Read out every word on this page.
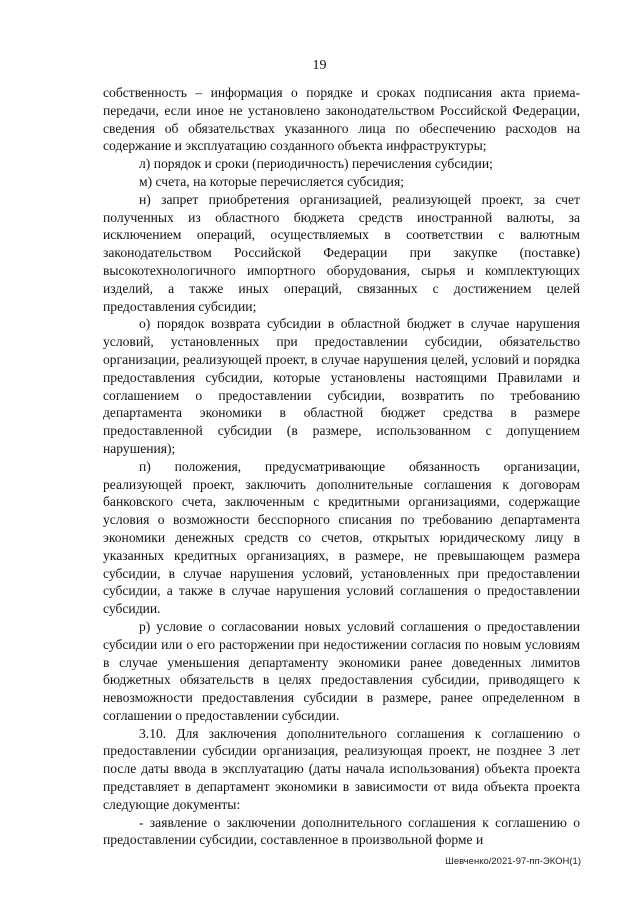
19

собственность – информация о порядке и сроках подписания акта приема-передачи, если иное не установлено законодательством Российской Федерации, сведения об обязательствах указанного лица по обеспечению расходов на содержание и эксплуатацию созданного объекта инфраструктуры;

л) порядок и сроки (периодичность) перечисления субсидии;

м) счета, на которые перечисляется субсидия;

н) запрет приобретения организацией, реализующей проект, за счет полученных из областного бюджета средств иностранной валюты, за исключением операций, осуществляемых в соответствии с валютным законодательством Российской Федерации при закупке (поставке) высокотехнологичного импортного оборудования, сырья и комплектующих изделий, а также иных операций, связанных с достижением целей предоставления субсидии;

о) порядок возврата субсидии в областной бюджет в случае нарушения условий, установленных при предоставлении субсидии, обязательство организации, реализующей проект, в случае нарушения целей, условий и порядка предоставления субсидии, которые установлены настоящими Правилами и соглашением о предоставлении субсидии, возвратить по требованию департамента экономики в областной бюджет средства в размере предоставленной субсидии (в размере, использованном с допущением нарушения);

п) положения, предусматривающие обязанность организации, реализующей проект, заключить дополнительные соглашения к договорам банковского счета, заключенным с кредитными организациями, содержащие условия о возможности бесспорного списания по требованию департамента экономики денежных средств со счетов, открытых юридическому лицу в указанных кредитных организациях, в размере, не превышающем размера субсидии, в случае нарушения условий, установленных при предоставлении субсидии, а также в случае нарушения условий соглашения о предоставлении субсидии.

р) условие о согласовании новых условий соглашения о предоставлении субсидии или о его расторжении при недостижении согласия по новым условиям в случае уменьшения департаменту экономики ранее доведенных лимитов бюджетных обязательств в целях предоставления субсидии, приводящего к невозможности предоставления субсидии в размере, ранее определенном в соглашении о предоставлении субсидии.

3.10. Для заключения дополнительного соглашения к соглашению о предоставлении субсидии организация, реализующая проект, не позднее 3 лет после даты ввода в эксплуатацию (даты начала использования) объекта проекта представляет в департамент экономики в зависимости от вида объекта проекта следующие документы:

- заявление о заключении дополнительного соглашения к соглашению о предоставлении субсидии, составленное в произвольной форме и

Шевченко/2021-97-пп-ЭКОН(1)
